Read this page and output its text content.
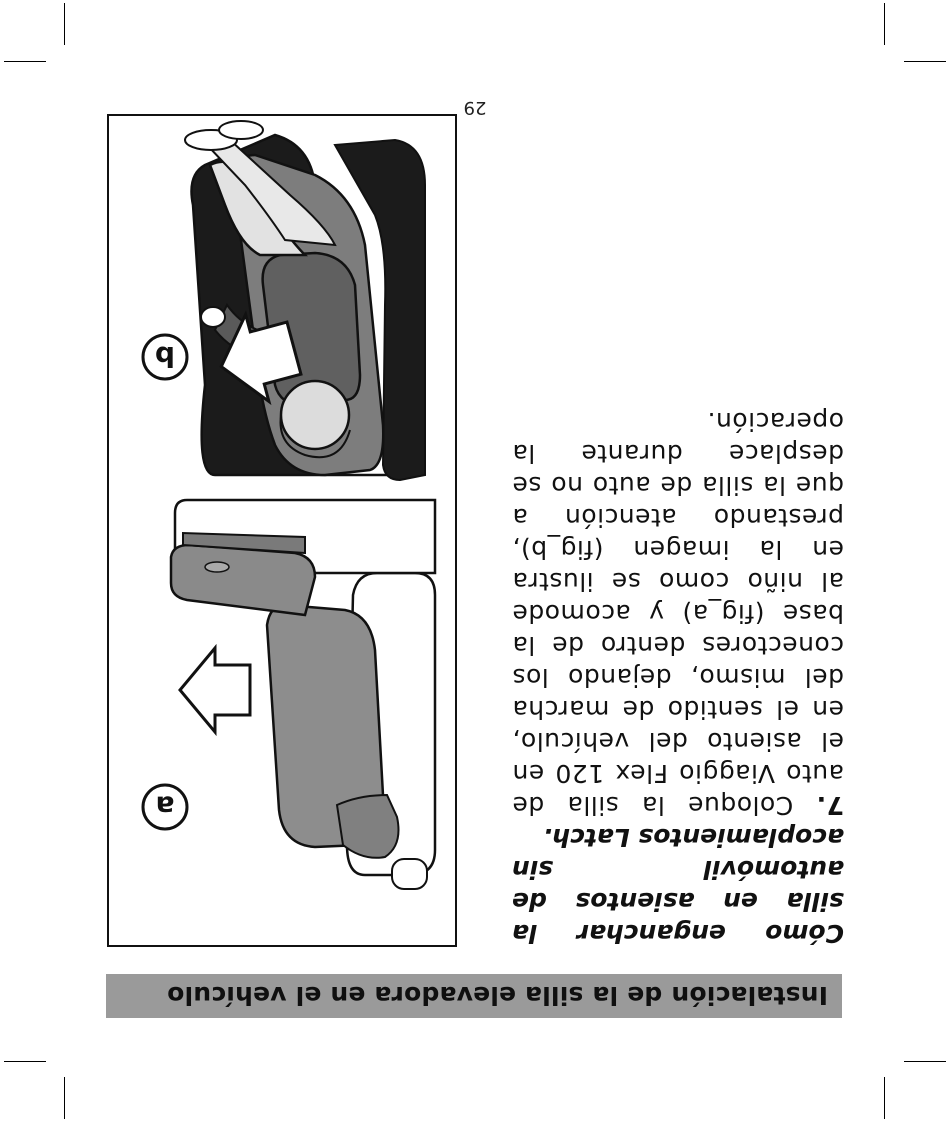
Instalación de la silla elevadora en el vehículo

Cómo enganchar la silla en asientos de automóvil sin acoplamientos Latch.

7. Coloque la silla de auto Viaggio Flex 120 en el asiento del vehículo, en el sentido de marcha del mismo, dejando los conectores dentro de la base (fig_a) y acomode al niño como se ilustra en la imagen (fig_b), prestando atención a que la silla de auto no se desplace durante la operación.

a
b
29
